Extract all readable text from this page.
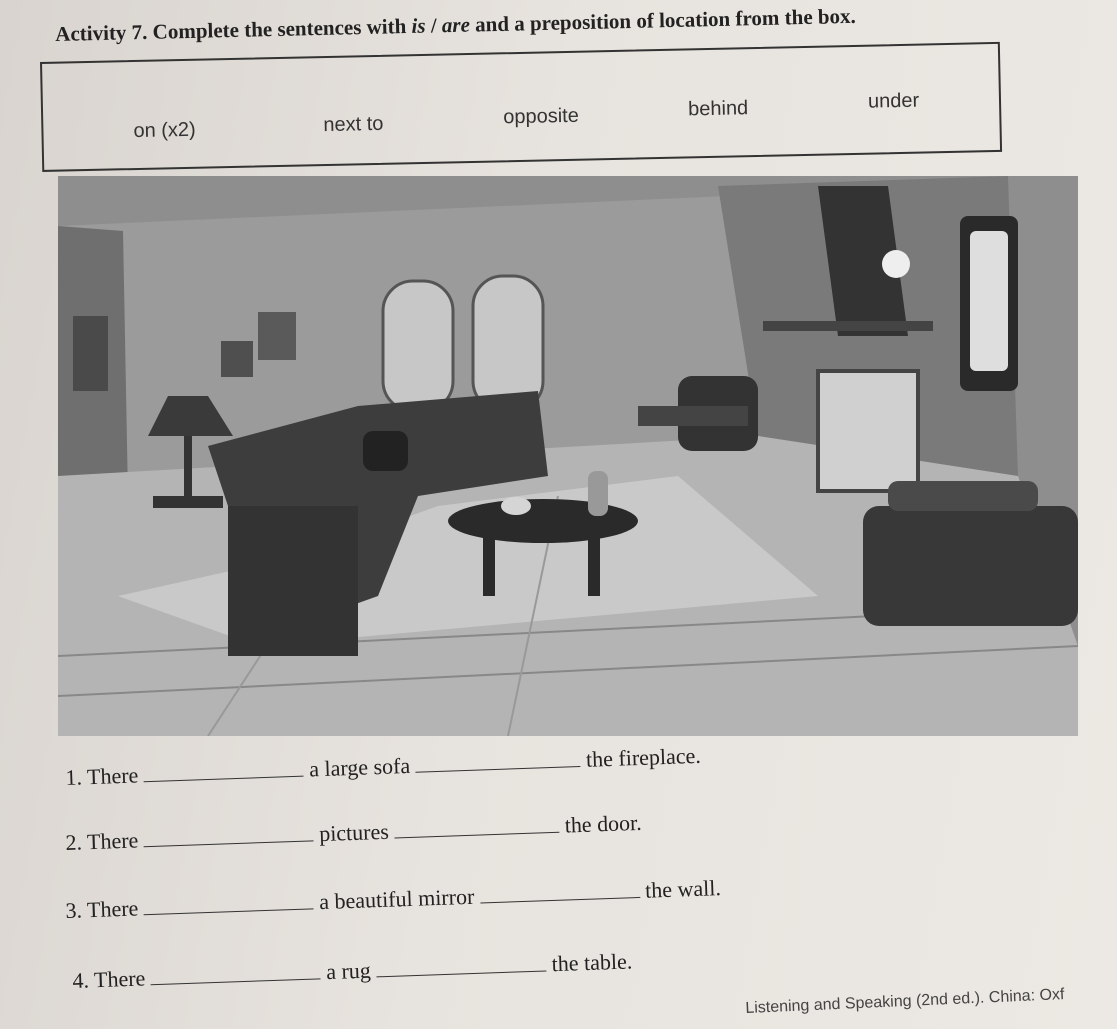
Activity 7. Complete the sentences with is / are and a preposition of location from the box.
on (x2)	next to	opposite	behind	under
1. There	a large sofa	the fireplace.
2. There	pictures	the door.
3. There	a beautiful mirror	the wall.
4. There	a rug	the table.
Listening and Speaking (2nd ed.). China: Oxf
